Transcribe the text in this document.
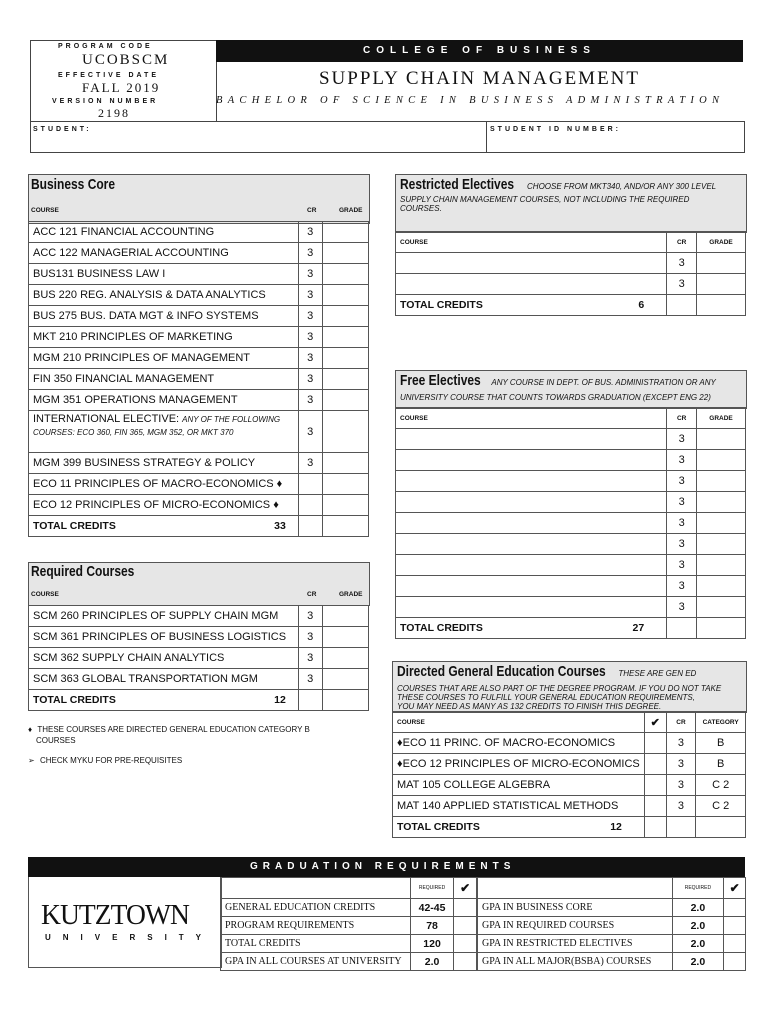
PROGRAM CODE
UCOBSCM
EFFECTIVE DATE
FALL 2019
VERSION NUMBER
2198
COLLEGE OF BUSINESS
SUPPLY CHAIN MANAGEMENT
BACHELOR OF SCIENCE IN BUSINESS ADMINISTRATION
STUDENT:	STUDENT ID NUMBER:
Business Core
COURSE	CR	GRADE
ACC 121 FINANCIAL ACCOUNTING	3	
ACC 122 MANAGERIAL ACCOUNTING	3	
BUS131 BUSINESS LAW I	3	
BUS 220 REG. ANALYSIS & DATA ANALYTICS	3	
BUS 275 BUS. DATA MGT & INFO SYSTEMS	3	
MKT 210 PRINCIPLES OF MARKETING	3	
MGM 210 PRINCIPLES OF MANAGEMENT	3	
FIN 350 FINANCIAL MANAGEMENT	3	
MGM 351 OPERATIONS MANAGEMENT	3	
INTERNATIONAL ELECTIVE: ANY OF THE FOLLOWING
COURSES: ECO 360, FIN 365, MGM 352, OR MKT 370	3	
MGM 399 BUSINESS STRATEGY & POLICY	3	
ECO 11 PRINCIPLES OF MACRO-ECONOMICS ♦		
ECO 12 PRINCIPLES OF MICRO-ECONOMICS ♦		
TOTAL CREDITS 33		

Required Courses
COURSE	CR	GRADE
SCM 260 PRINCIPLES OF SUPPLY CHAIN MGM	3	
SCM 361 PRINCIPLES OF BUSINESS LOGISTICS	3	
SCM 362 SUPPLY CHAIN ANALYTICS	3	
SCM 363 GLOBAL TRANSPORTATION MGM	3	
TOTAL CREDITS 12		

♦ THESE COURSES ARE DIRECTED GENERAL EDUCATION CATEGORY B
COURSES
➢ CHECK MYKU FOR PRE-REQUISITES
Restricted Electives CHOOSE FROM MKT340, AND/OR ANY 300 LEVEL
SUPPLY CHAIN MANAGEMENT COURSES, NOT INCLUDING THE REQUIRED
COURSES.
COURSE	CR	GRADE
	3	
	3	
TOTAL CREDITS 6		

Free Electives ANY COURSE IN DEPT. OF BUS. ADMINISTRATION OR ANY
UNIVERSITY COURSE THAT COUNTS TOWARDS GRADUATION (EXCEPT ENG 22)
COURSE	CR	GRADE
	3	
	3	
	3	
	3	
	3	
	3	
	3	
	3	
	3	
TOTAL CREDITS 27		

Directed General Education Courses THESE ARE GEN ED
COURSES THAT ARE ALSO PART OF THE DEGREE PROGRAM. IF YOU DO NOT TAKE
THESE COURSES TO FULFILL YOUR GENERAL EDUCATION REQUIREMENTS,
YOU MAY NEED AS MANY AS 132 CREDITS TO FINISH THIS DEGREE.
COURSE	✔	CR	CATEGORY
♦ECO 11 PRINC. OF MACRO-ECONOMICS		3	B
♦ECO 12 PRINCIPLES OF MICRO-ECONOMICS		3	B
MAT 105 COLLEGE ALGEBRA		3	C 2
MAT 140 APPLIED STATISTICAL METHODS		3	C 2
TOTAL CREDITS 12			

GRADUATION REQUIREMENTS
KUTZTOWN
UNIVERSITY
	REQUIRED	✔
GENERAL EDUCATION CREDITS	42-45	
PROGRAM REQUIREMENTS	78	
TOTAL CREDITS	120	
GPA IN ALL COURSES AT UNIVERSITY	2.0	
	REQUIRED	✔
GPA IN BUSINESS CORE	2.0	
GPA IN REQUIRED COURSES	2.0	
GPA IN RESTRICTED ELECTIVES	2.0	
GPA IN ALL MAJOR(BSBA) COURSES	2.0	
